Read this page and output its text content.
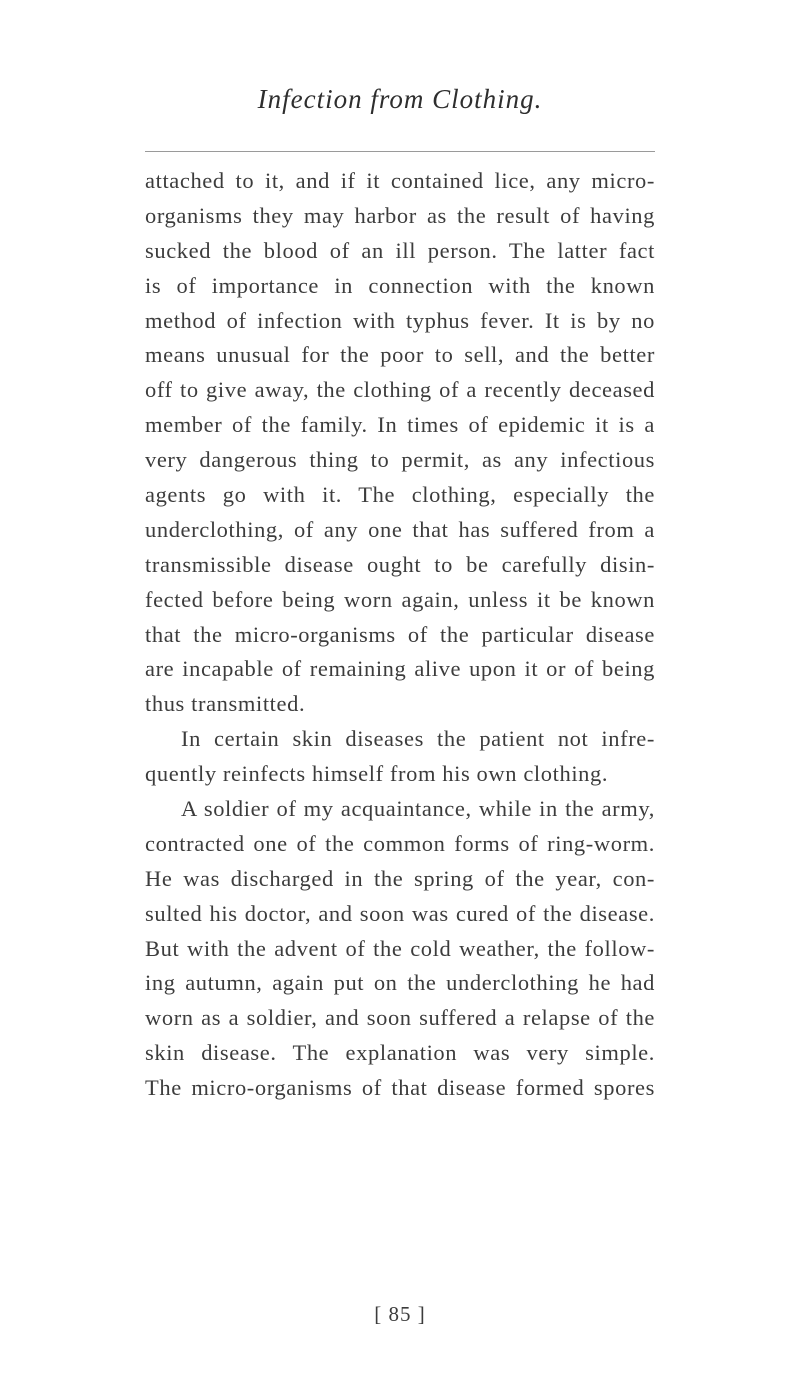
Infection from Clothing.
attached to it, and if it contained lice, any micro-
organisms they may harbor as the result of having
sucked the blood of an ill person. The latter fact
is of importance in connection with the known
method of infection with typhus fever. It is by no
means unusual for the poor to sell, and the better
off to give away, the clothing of a recently deceased
member of the family. In times of epidemic it is a
very dangerous thing to permit, as any infectious
agents go with it. The clothing, especially the
underclothing, of any one that has suffered from a
transmissible disease ought to be carefully disin-
fected before being worn again, unless it be known
that the micro-organisms of the particular disease
are incapable of remaining alive upon it or of being
thus transmitted.
In certain skin diseases the patient not infre-
quently reinfects himself from his own clothing.
A soldier of my acquaintance, while in the army,
contracted one of the common forms of ring-worm.
He was discharged in the spring of the year, con-
sulted his doctor, and soon was cured of the disease.
But with the advent of the cold weather, the follow-
ing autumn, again put on the underclothing he had
worn as a soldier, and soon suffered a relapse of the
skin disease. The explanation was very simple.
The micro-organisms of that disease formed spores
[ 85 ]
